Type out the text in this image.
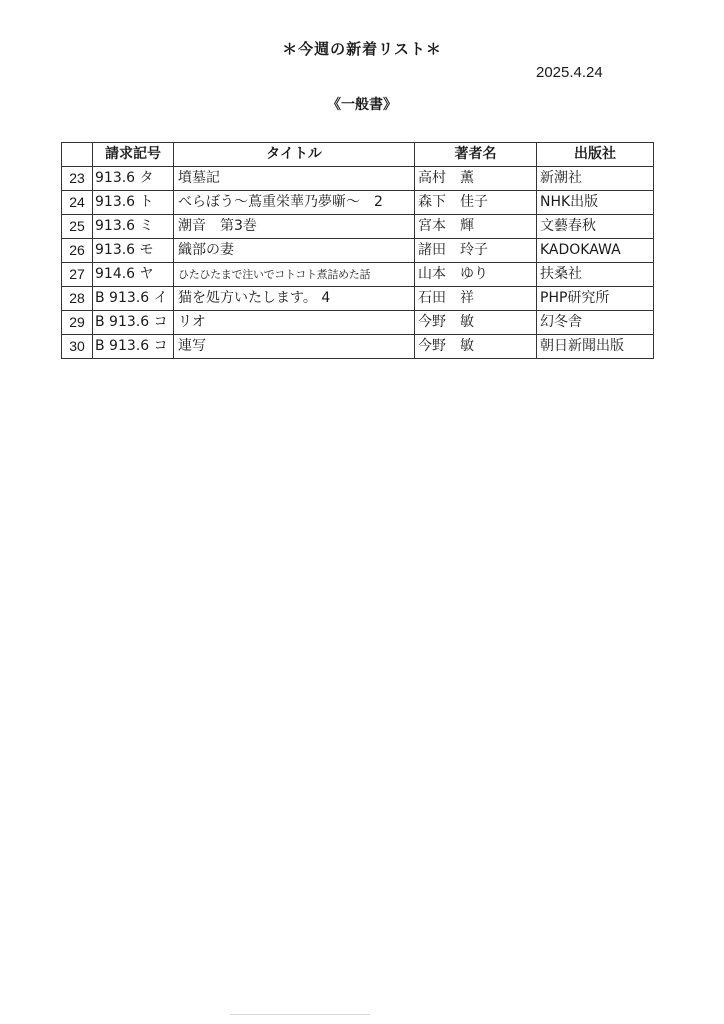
＊今週の新着リスト＊
2025.4.24
《一般書》
	請求記号	タイトル	著者名	出版社
23	913.6 タ	墳墓記	高村　薫	新潮社
24	913.6 ト	べらぼう～蔦重栄華乃夢噺～　2	森下　佳子	NHK出版
25	913.6 ミ	潮音　第3巻	宮本　輝	文藝春秋
26	913.6 モ	織部の妻	諸田　玲子	KADOKAWA
27	914.6 ヤ	ひたひたまで注いでコトコト煮詰めた話	山本　ゆり	扶桑社
28	B 913.6 イ	猫を処方いたします。 4	石田　祥	PHP研究所
29	B 913.6 コ	リオ	今野　敏	幻冬舎
30	B 913.6 コ	連写	今野　敏	朝日新聞出版
